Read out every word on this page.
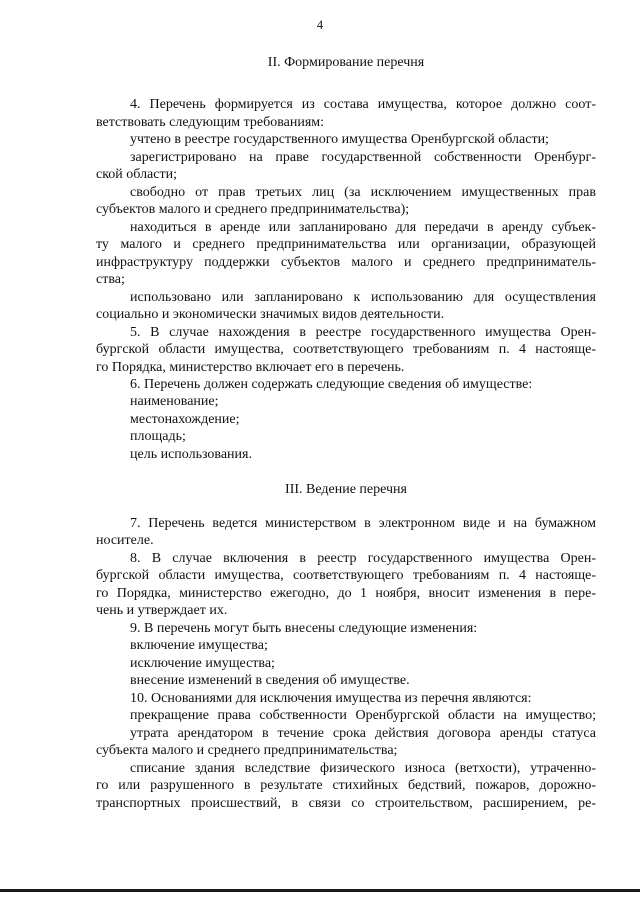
4
II. Формирование перечня
4. Перечень формируется из состава имущества, которое должно соот-
ветствовать следующим требованиям:
учтено в реестре государственного имущества Оренбургской области;
зарегистрировано на праве государственной собственности Оренбург-
ской области;
свободно от прав третьих лиц (за исключением имущественных прав
субъектов малого и среднего предпринимательства);
находиться в аренде или запланировано для передачи в аренду субъек-
ту малого и среднего предпринимательства или организации, образующей
инфраструктуру поддержки субъектов малого и среднего предприниматель-
ства;
использовано или запланировано к использованию для осуществления
социально и экономически значимых видов деятельности.
5. В случае нахождения в реестре государственного имущества Орен-
бургской области имущества, соответствующего требованиям п. 4 настояще-
го Порядка, министерство включает его в перечень.
6. Перечень должен содержать следующие сведения об имуществе:
наименование;
местонахождение;
площадь;
цель использования.
III. Ведение перечня
7. Перечень ведется министерством в электронном виде и на бумажном
носителе.
8. В случае включения в реестр государственного имущества Орен-
бургской области имущества, соответствующего требованиям п. 4 настояще-
го Порядка, министерство ежегодно, до 1 ноября, вносит изменения в пере-
чень и утверждает их.
9. В перечень могут быть внесены следующие изменения:
включение имущества;
исключение имущества;
внесение изменений в сведения об имуществе.
10. Основаниями для исключения имущества из перечня являются:
прекращение права собственности Оренбургской области на имущество;
утрата арендатором в течение срока действия договора аренды статуса
субъекта малого и среднего предпринимательства;
списание здания вследствие физического износа (ветхости), утраченно-
го или разрушенного в результате стихийных бедствий, пожаров, дорожно-
транспортных происшествий, в связи со строительством, расширением, ре-
